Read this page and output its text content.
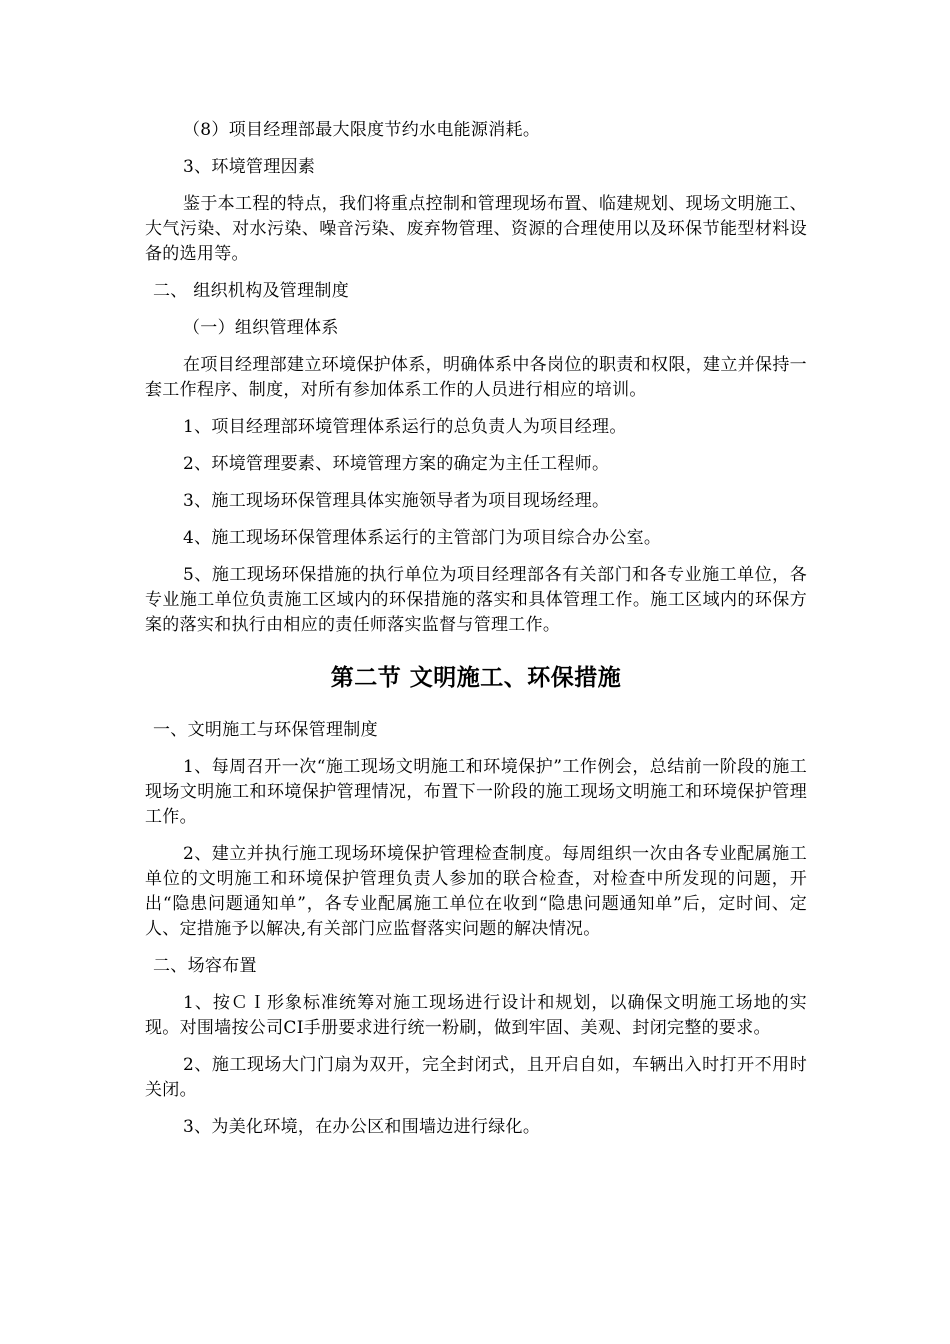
（8）项目经理部最大限度节约水电能源消耗。

3、环境管理因素

鉴于本工程的特点，我们将重点控制和管理现场布置、临建规划、现场文明施工、大气污染、对水污染、噪音污染、废弃物管理、资源的合理使用以及环保节能型材料设备的选用等。

二、 组织机构及管理制度

（一）组织管理体系

在项目经理部建立环境保护体系，明确体系中各岗位的职责和权限，建立并保持一套工作程序、制度，对所有参加体系工作的人员进行相应的培训。

1、项目经理部环境管理体系运行的总负责人为项目经理。

2、环境管理要素、环境管理方案的确定为主任工程师。

3、施工现场环保管理具体实施领导者为项目现场经理。

4、施工现场环保管理体系运行的主管部门为项目综合办公室。

5、施工现场环保措施的执行单位为项目经理部各有关部门和各专业施工单位，各专业施工单位负责施工区域内的环保措施的落实和具体管理工作。施工区域内的环保方案的落实和执行由相应的责任师落实监督与管理工作。

第二节 文明施工、环保措施

一、文明施工与环保管理制度

1、每周召开一次“施工现场文明施工和环境保护”工作例会，总结前一阶段的施工现场文明施工和环境保护管理情况，布置下一阶段的施工现场文明施工和环境保护管理工作。

2、建立并执行施工现场环境保护管理检查制度。每周组织一次由各专业配属施工单位的文明施工和环境保护管理负责人参加的联合检查，对检查中所发现的问题，开出“隐患问题通知单”，各专业配属施工单位在收到“隐患问题通知单”后，定时间、定人、定措施予以解决,有关部门应监督落实问题的解决情况。

二、场容布置

1、按ＣＩ形象标准统筹对施工现场进行设计和规划，以确保文明施工场地的实现。对围墙按公司CI手册要求进行统一粉刷，做到牢固、美观、封闭完整的要求。

2、施工现场大门门扇为双开，完全封闭式，且开启自如，车辆出入时打开不用时关闭。

3、为美化环境，在办公区和围墙边进行绿化。
